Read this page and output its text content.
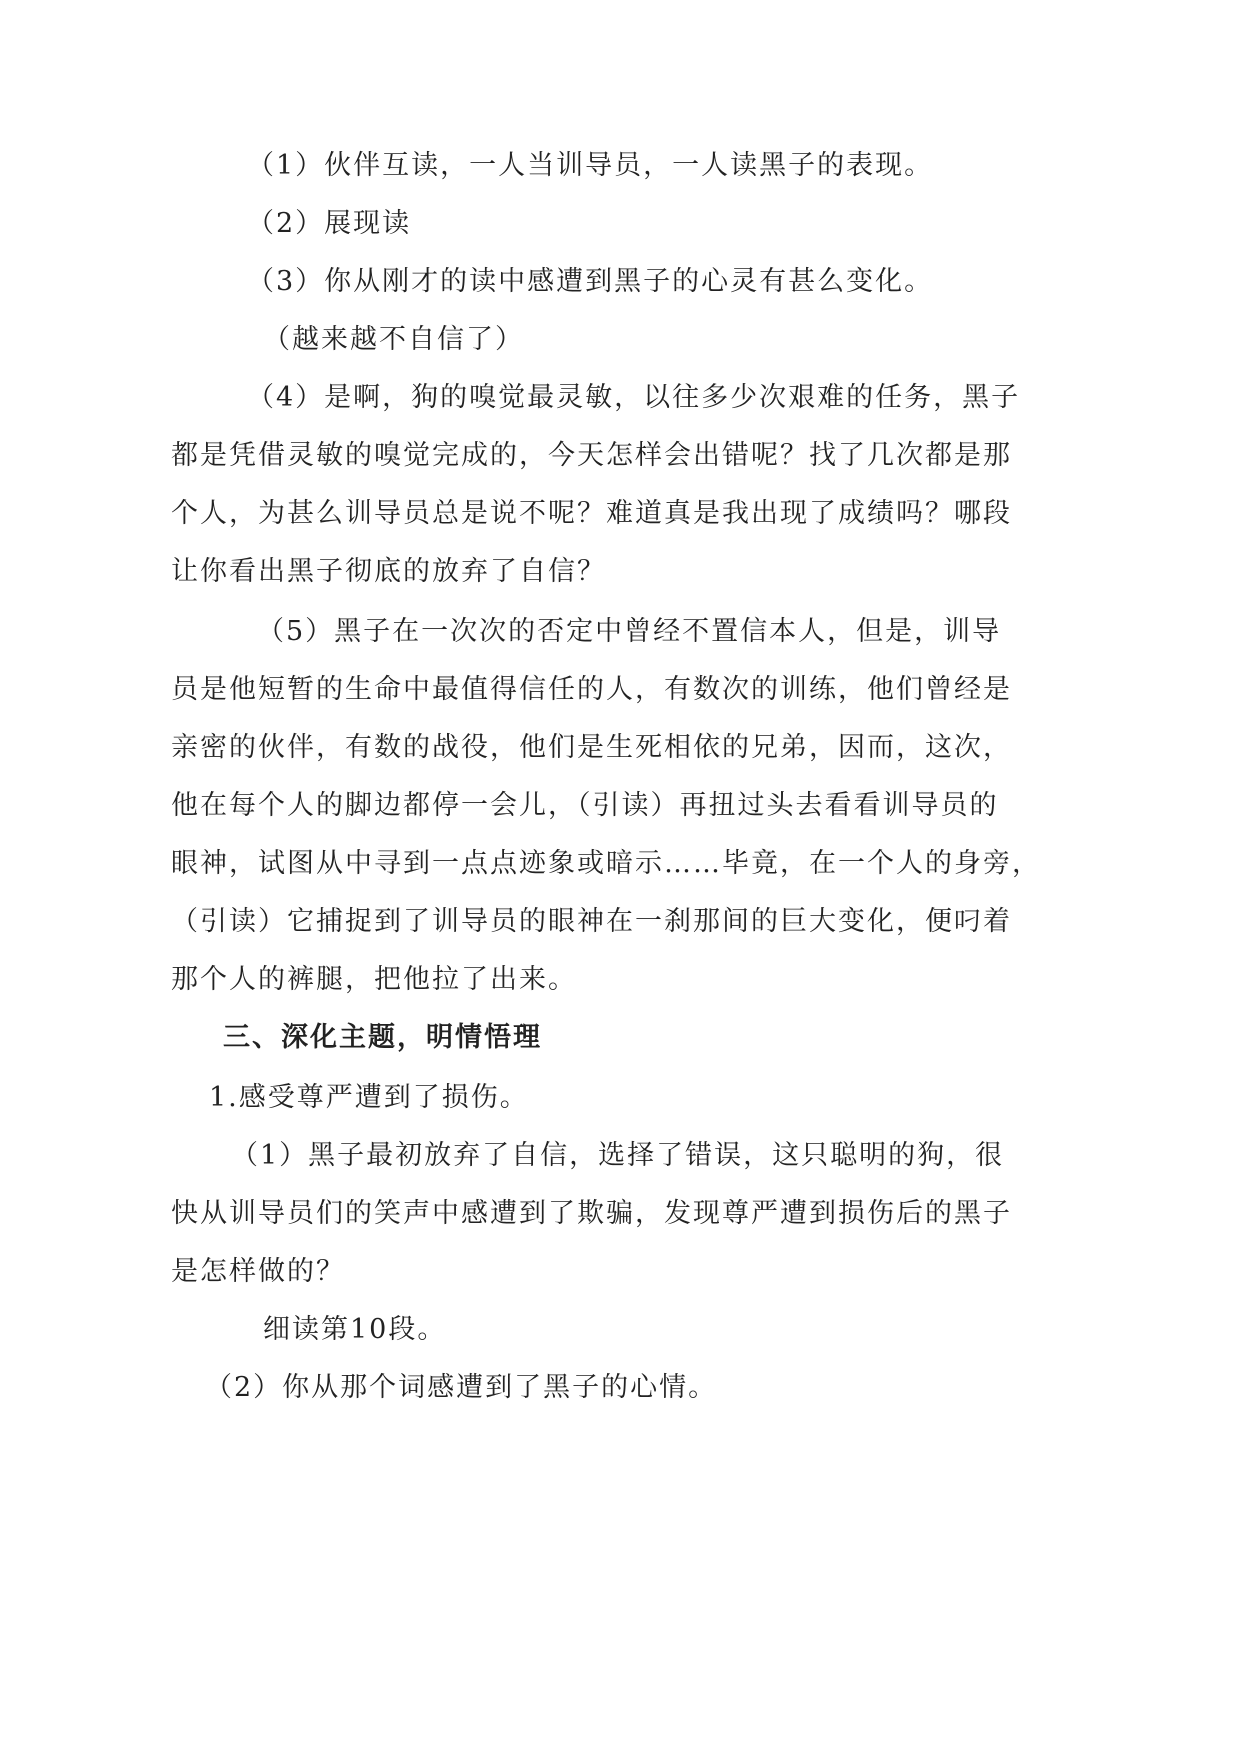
（1）伙伴互读，一人当训导员，一人读黑子的表现。
（2）展现读
（3）你从刚才的读中感遭到黑子的心灵有甚么变化。
（越来越不自信了）
（4）是啊，狗的嗅觉最灵敏，以往多少次艰难的任务，黑子
都是凭借灵敏的嗅觉完成的，今天怎样会出错呢？找了几次都是那
个人，为甚么训导员总是说不呢？难道真是我出现了成绩吗？哪段
让你看出黑子彻底的放弃了自信？
（5）黑子在一次次的否定中曾经不置信本人，但是，训导
员是他短暂的生命中最值得信任的人，有数次的训练，他们曾经是
亲密的伙伴，有数的战役，他们是生死相依的兄弟，因而，这次，
他在每个人的脚边都停一会儿，（引读）再扭过头去看看训导员的
眼神，试图从中寻到一点点迹象或暗示……毕竟，在一个人的身旁，
（引读）它捕捉到了训导员的眼神在一刹那间的巨大变化，便叼着
那个人的裤腿，把他拉了出来。
三、深化主题，明情悟理
1.感受尊严遭到了损伤。
（1）黑子最初放弃了自信，选择了错误，这只聪明的狗，很
快从训导员们的笑声中感遭到了欺骗，发现尊严遭到损伤后的黑子
是怎样做的？
细读第10段。
（2）你从那个词感遭到了黑子的心情。
